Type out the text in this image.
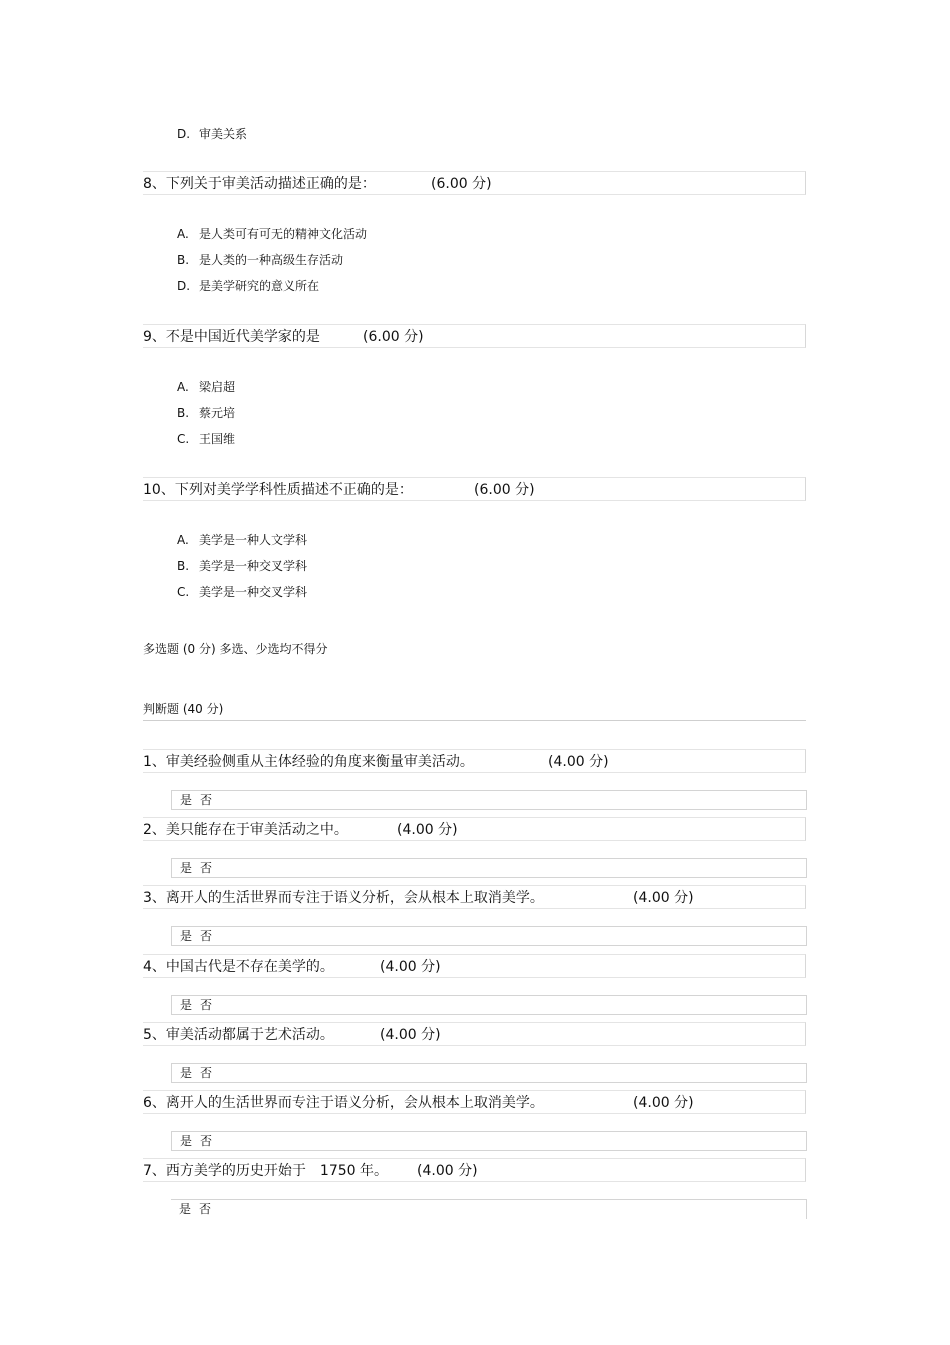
D. 审美关系
8、下列关于审美活动描述正确的是：	(6.00 分)
A. 是人类可有可无的精神文化活动
B. 是人类的一种高级生存活动
D. 是美学研究的意义所在
9、不是中国近代美学家的是	(6.00 分)
A. 梁启超
B. 蔡元培
C. 王国维
10、下列对美学学科性质描述不正确的是：	(6.00 分)
A. 美学是一种人文学科
B. 美学是一种交叉学科
C. 美学是一种交叉学科
多选题 (0 分) 多选、少选均不得分
判断题 (40 分)
1、审美经验侧重从主体经验的角度来衡量审美活动。	(4.00 分)
是 否
2、美只能存在于审美活动之中。	(4.00 分)
是 否
3、离开人的生活世界而专注于语义分析，会从根本上取消美学。	(4.00 分)
是 否
4、中国古代是不存在美学的。	(4.00 分)
是 否
5、审美活动都属于艺术活动。	(4.00 分)
是 否
6、离开人的生活世界而专注于语义分析，会从根本上取消美学。	(4.00 分)
是 否
7、西方美学的历史开始于　1750 年。 (4.00 分)
是 否
